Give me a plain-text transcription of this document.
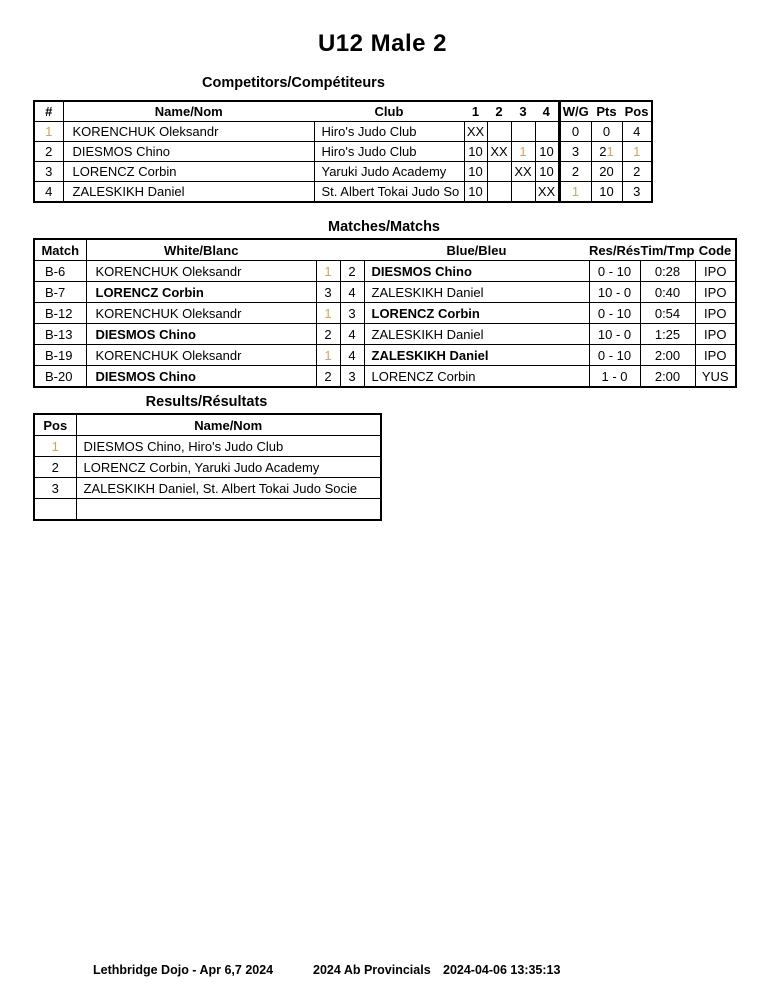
U12 Male 2
Competitors/Compétiteurs
#	Name/Nom	Club	1	2	3	4	W/G	Pts	Pos
1	KORENCHUK Oleksandr	Hiro's Judo Club	XX				0	0	4
2	DIESMOS Chino	Hiro's Judo Club	10	XX	1	10	3	21	1
3	LORENCZ Corbin	Yaruki Judo Academy	10		XX	10	2	20	2
4	ZALESKIKH Daniel	St. Albert Tokai Judo So	10			XX	1	10	3
Matches/Matchs
Match	White/Blanc			Blue/Bleu	Res/Rés	Tim/Tmp	Code
B-6	KORENCHUK Oleksandr	1	2	DIESMOS Chino	0 - 10	0:28	IPO
B-7	LORENCZ Corbin	3	4	ZALESKIKH Daniel	10 - 0	0:40	IPO
B-12	KORENCHUK Oleksandr	1	3	LORENCZ Corbin	0 - 10	0:54	IPO
B-13	DIESMOS Chino	2	4	ZALESKIKH Daniel	10 - 0	1:25	IPO
B-19	KORENCHUK Oleksandr	1	4	ZALESKIKH Daniel	0 - 10	2:00	IPO
B-20	DIESMOS Chino	2	3	LORENCZ Corbin	1 - 0	2:00	YUS
Results/Résultats
Pos	Name/Nom
1	DIESMOS Chino, Hiro's Judo Club
2	LORENCZ Corbin, Yaruki Judo Academy
3	ZALESKIKH Daniel, St. Albert Tokai Judo Socie

Lethbridge Dojo - Apr 6,7 2024	2024 Ab Provincials 2024-04-06 13:35:13
